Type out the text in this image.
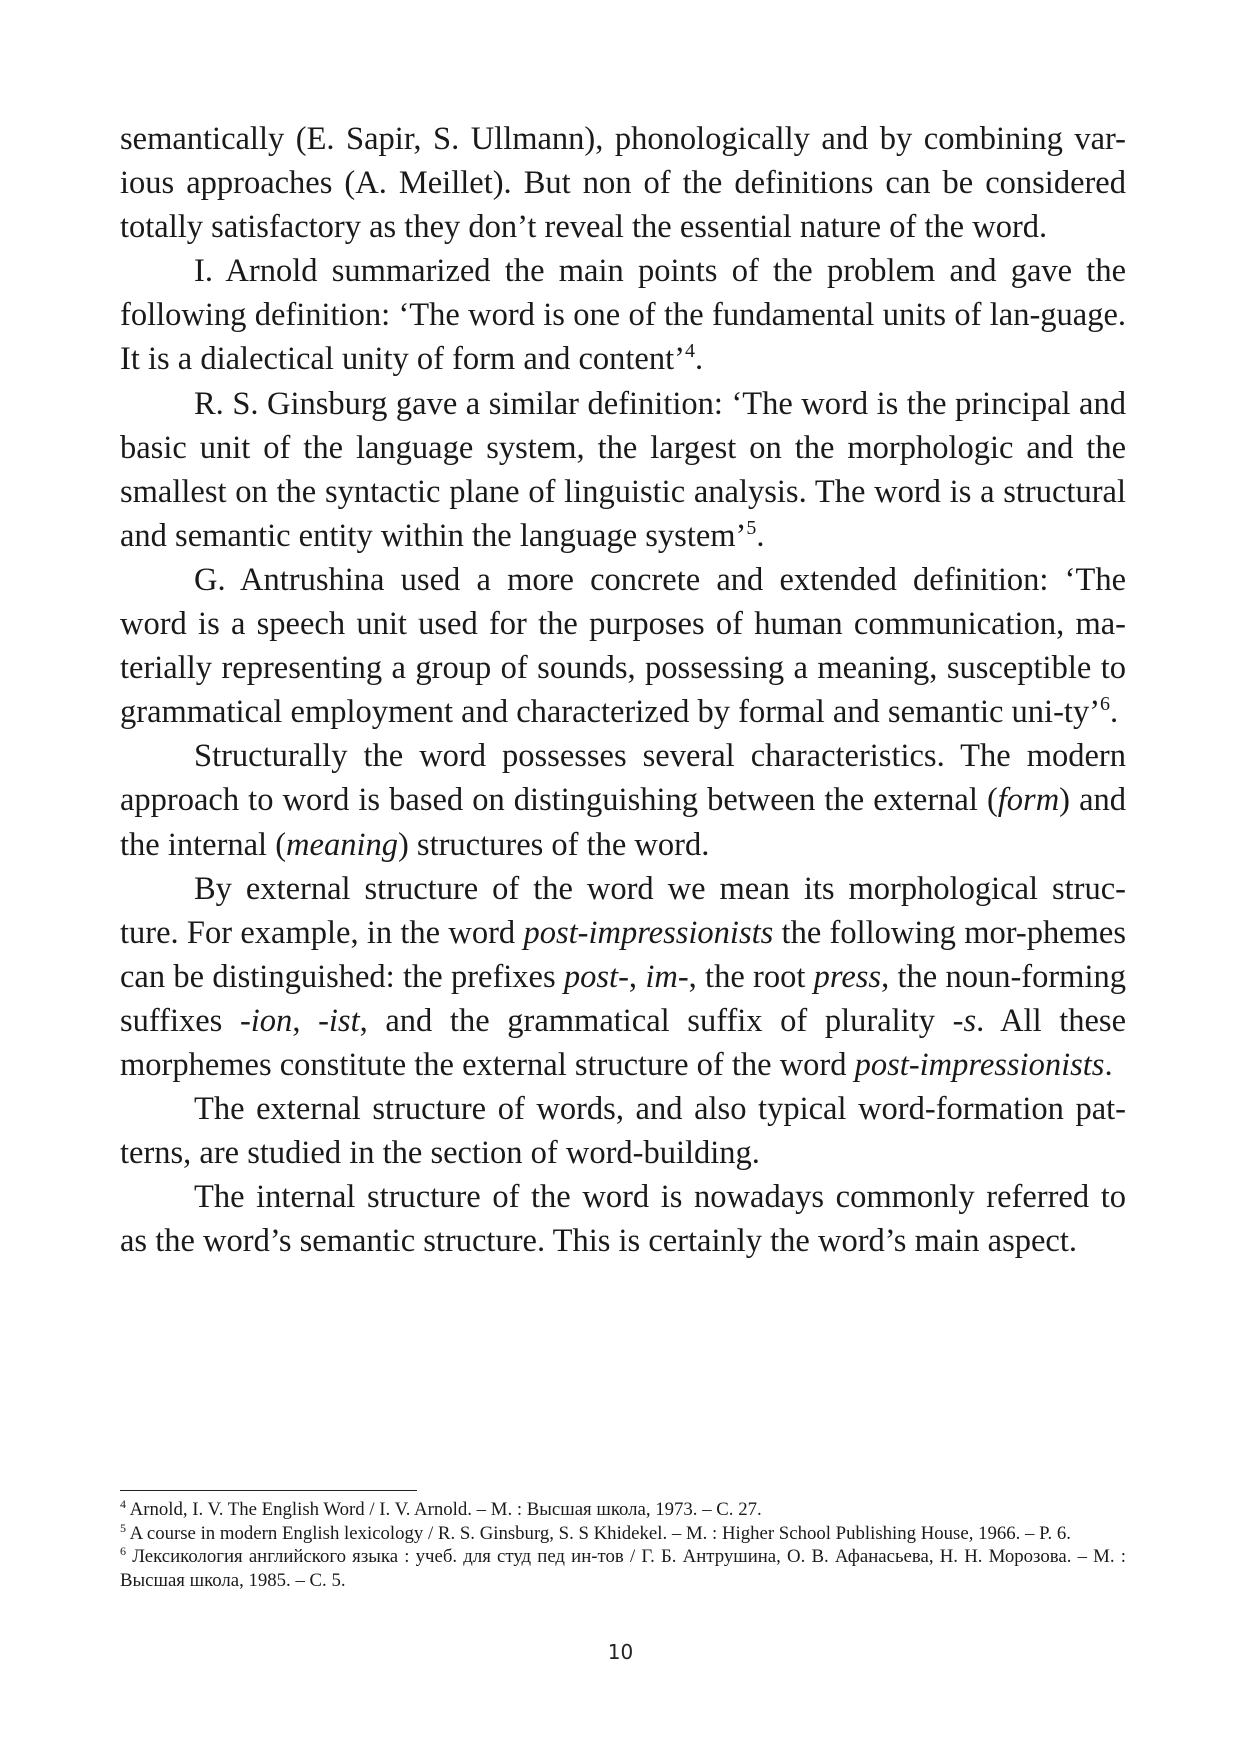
semantically (E. Sapir, S. Ullmann), phonologically and by combining var-ious approaches (A. Meillet). But non of the definitions can be considered totally satisfactory as they don’t reveal the essential nature of the word.

I. Arnold summarized the main points of the problem and gave the following definition: ‘The word is one of the fundamental units of lan-guage. It is a dialectical unity of form and content’$^4$.

R. S. Ginsburg gave a similar definition: ‘The word is the principal and basic unit of the language system, the largest on the morphologic and the smallest on the syntactic plane of linguistic analysis. The word is a structural and semantic entity within the language system’$^5$.

G. Antrushina used a more concrete and extended definition: ‘The word is a speech unit used for the purposes of human communication, ma-terially representing a group of sounds, possessing a meaning, susceptible to grammatical employment and characterized by formal and semantic uni-ty’$^6$.

Structurally the word possesses several characteristics. The modern approach to word is based on distinguishing between the external (form) and the internal (meaning) structures of the word.

By external structure of the word we mean its morphological struc-ture. For example, in the word post-impressionists the following mor-phemes can be distinguished: the prefixes post-, im-, the root press, the noun-forming suffixes -ion, -ist, and the grammatical suffix of plurality -s. All these morphemes constitute the external structure of the word post-impressionists.

The external structure of words, and also typical word-formation pat-terns, are studied in the section of word-building.

The internal structure of the word is nowadays commonly referred to as the word’s semantic structure. This is certainly the word’s main aspect.

$^4$ Arnold, I. V. The English Word / I. V. Arnold. – M. : Высшая школа, 1973. – C. 27.

$^5$ A course in modern English lexicology / R. S. Ginsburg, S. S Khidekel. – M. : Higher School Publishing House, 1966. – P. 6.

$^6$ Лексикология английского языка : учеб. для студ пед ин-тов / Г. Б. Антрушина, О. В. Афанасьева, Н. Н. Морозова. – М. : Высшая школа, 1985. – С. 5.

10
